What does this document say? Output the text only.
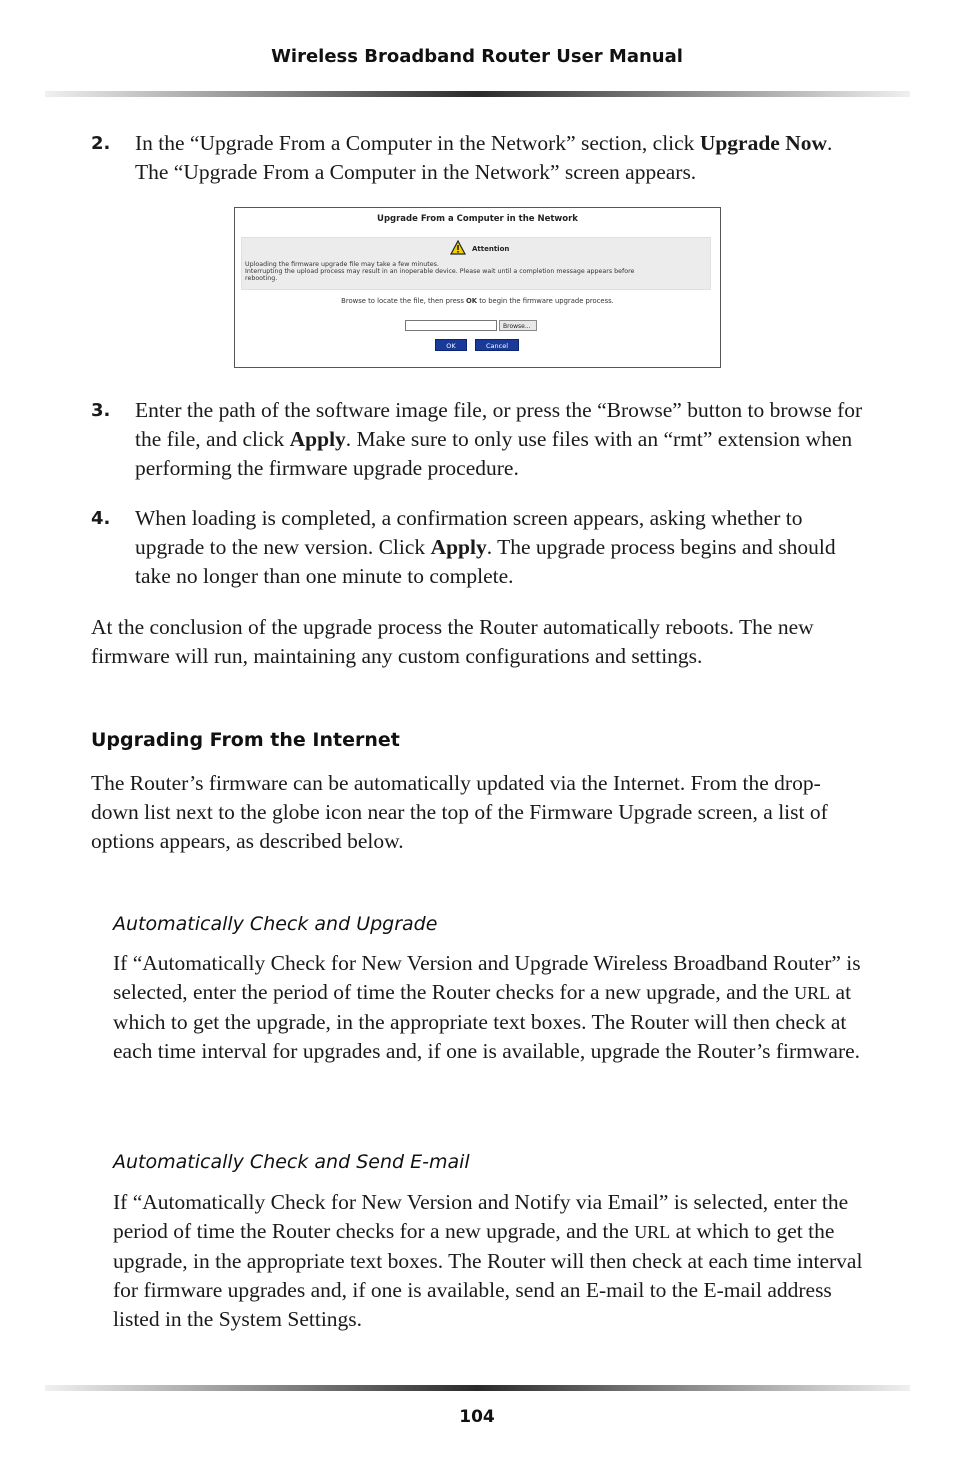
Wireless Broadband Router User Manual
2. In the “Upgrade From a Computer in the Network” section, click Upgrade Now. The “Upgrade From a Computer in the Network” screen appears.
Upgrade From a Computer in the Network
Attention
Uploading the firmware upgrade file may take a few minutes.
Interrupting the upload process may result in an inoperable device. Please wait until a completion message appears before
rebooting.
Browse to locate the file, then press OK to begin the firmware upgrade process.
Browse...
OK	Cancel
3. Enter the path of the software image file, or press the “Browse” button to browse for the file, and click Apply. Make sure to only use files with an “rmt” extension when performing the firmware upgrade procedure.
4. When loading is completed, a confirmation screen appears, asking whether to upgrade to the new version. Click Apply. The upgrade process begins and should take no longer than one minute to complete.
At the conclusion of the upgrade process the Router automatically reboots. The new firmware will run, maintaining any custom configurations and settings.
Upgrading From the Internet
The Router’s firmware can be automatically updated via the Internet. From the drop-down list next to the globe icon near the top of the Firmware Upgrade screen, a list of options appears, as described below.
Automatically Check and Upgrade
If “Automatically Check for New Version and Upgrade Wireless Broadband Router” is selected, enter the period of time the Router checks for a new upgrade, and the URL at which to get the upgrade, in the appropriate text boxes. The Router will then check at each time interval for upgrades and, if one is available, upgrade the Router’s firmware.
Automatically Check and Send E-mail
If “Automatically Check for New Version and Notify via Email” is selected, enter the period of time the Router checks for a new upgrade, and the URL at which to get the upgrade, in the appropriate text boxes. The Router will then check at each time interval for firmware upgrades and, if one is available, send an E-mail to the E-mail address listed in the System Settings.
104
